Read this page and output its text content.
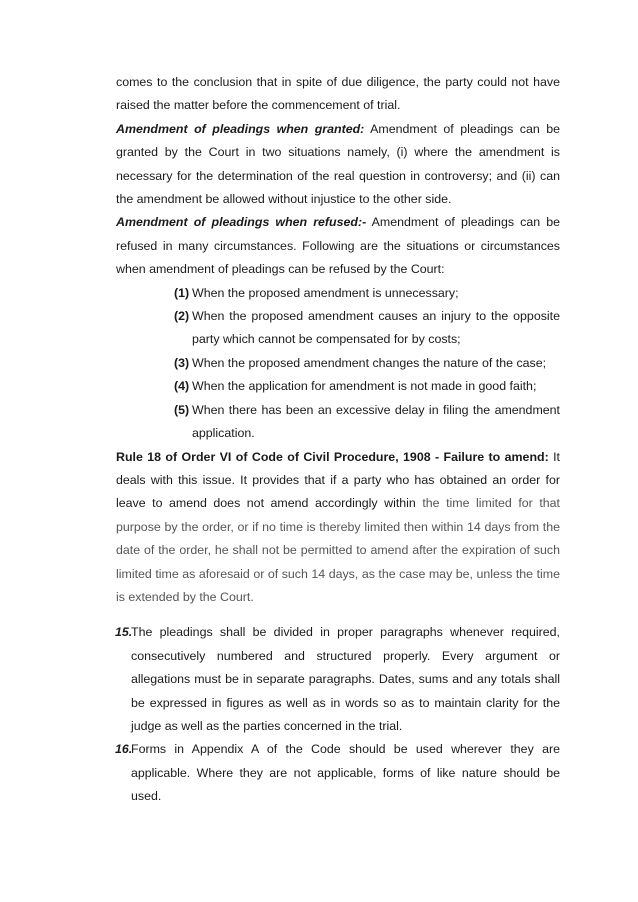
comes to the conclusion that in spite of due diligence, the party could not have raised the matter before the commencement of trial.

Amendment of pleadings when granted: Amendment of pleadings can be granted by the Court in two situations namely, (i) where the amendment is necessary for the determination of the real question in controversy; and (ii) can the amendment be allowed without injustice to the other side.

Amendment of pleadings when refused:- Amendment of pleadings can be refused in many circumstances. Following are the situations or circumstances when amendment of pleadings can be refused by the Court:

(1) When the proposed amendment is unnecessary;
(2) When the proposed amendment causes an injury to the opposite party which cannot be compensated for by costs;
(3) When the proposed amendment changes the nature of the case;
(4) When the application for amendment is not made in good faith;
(5) When there has been an excessive delay in filing the amendment application.

Rule 18 of Order VI of Code of Civil Procedure, 1908 - Failure to amend: It deals with this issue. It provides that if a party who has obtained an order for leave to amend does not amend accordingly within the time limited for that purpose by the order, or if no time is thereby limited then within 14 days from the date of the order, he shall not be permitted to amend after the expiration of such limited time as aforesaid or of such 14 days, as the case may be, unless the time is extended by the Court.

15.
The pleadings shall be divided in proper paragraphs whenever required, consecutively numbered and structured properly. Every argument or allegations must be in separate paragraphs. Dates, sums and any totals shall be expressed in figures as well as in words so as to maintain clarity for the judge as well as the parties concerned in the trial.
16.
Forms in Appendix A of the Code should be used wherever they are applicable. Where they are not applicable, forms of like nature should be used.
